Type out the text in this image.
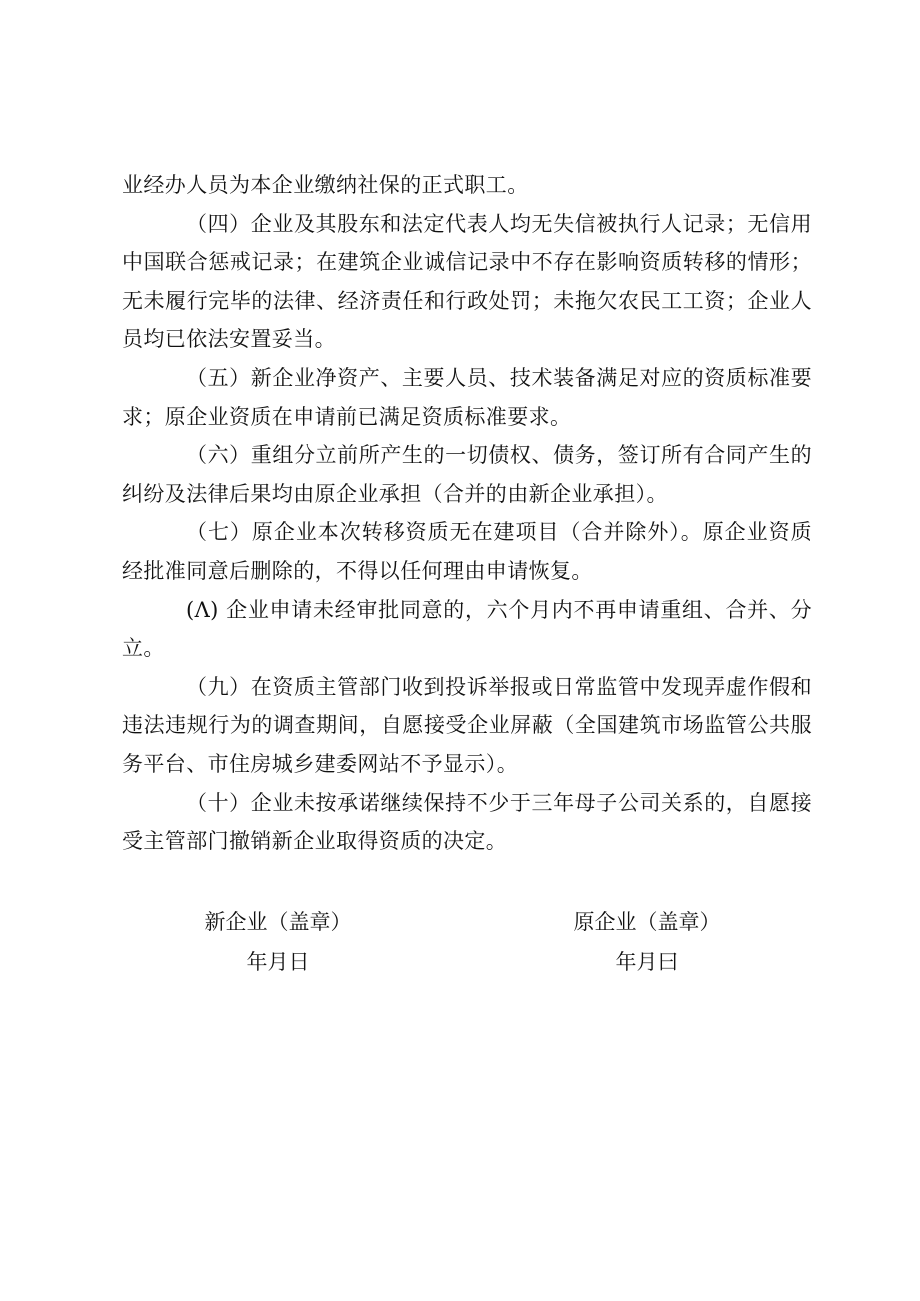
业经办人员为本企业缴纳社保的正式职工。

（四）企业及其股东和法定代表人均无失信被执行人记录；无信用中国联合惩戒记录；在建筑企业诚信记录中不存在影响资质转移的情形；无未履行完毕的法律、经济责任和行政处罚；未拖欠农民工工资；企业人员均已依法安置妥当。

（五）新企业净资产、主要人员、技术装备满足对应的资质标准要求；原企业资质在申请前已满足资质标准要求。

（六）重组分立前所产生的一切债权、债务，签订所有合同产生的纠纷及法律后果均由原企业承担（合并的由新企业承担）。

（七）原企业本次转移资质无在建项目（合并除外）。原企业资质经批准同意后删除的，不得以任何理由申请恢复。

(Λ) 企业申请未经审批同意的，六个月内不再申请重组、合并、分立。

（九）在资质主管部门收到投诉举报或日常监管中发现弄虚作假和违法违规行为的调查期间，自愿接受企业屏蔽（全国建筑市场监管公共服务平台、市住房城乡建委网站不予显示）。

（十）企业未按承诺继续保持不少于三年母子公司关系的，自愿接受主管部门撤销新企业取得资质的决定。

新企业（盖章）
年月日
原企业（盖章）
年月曰
